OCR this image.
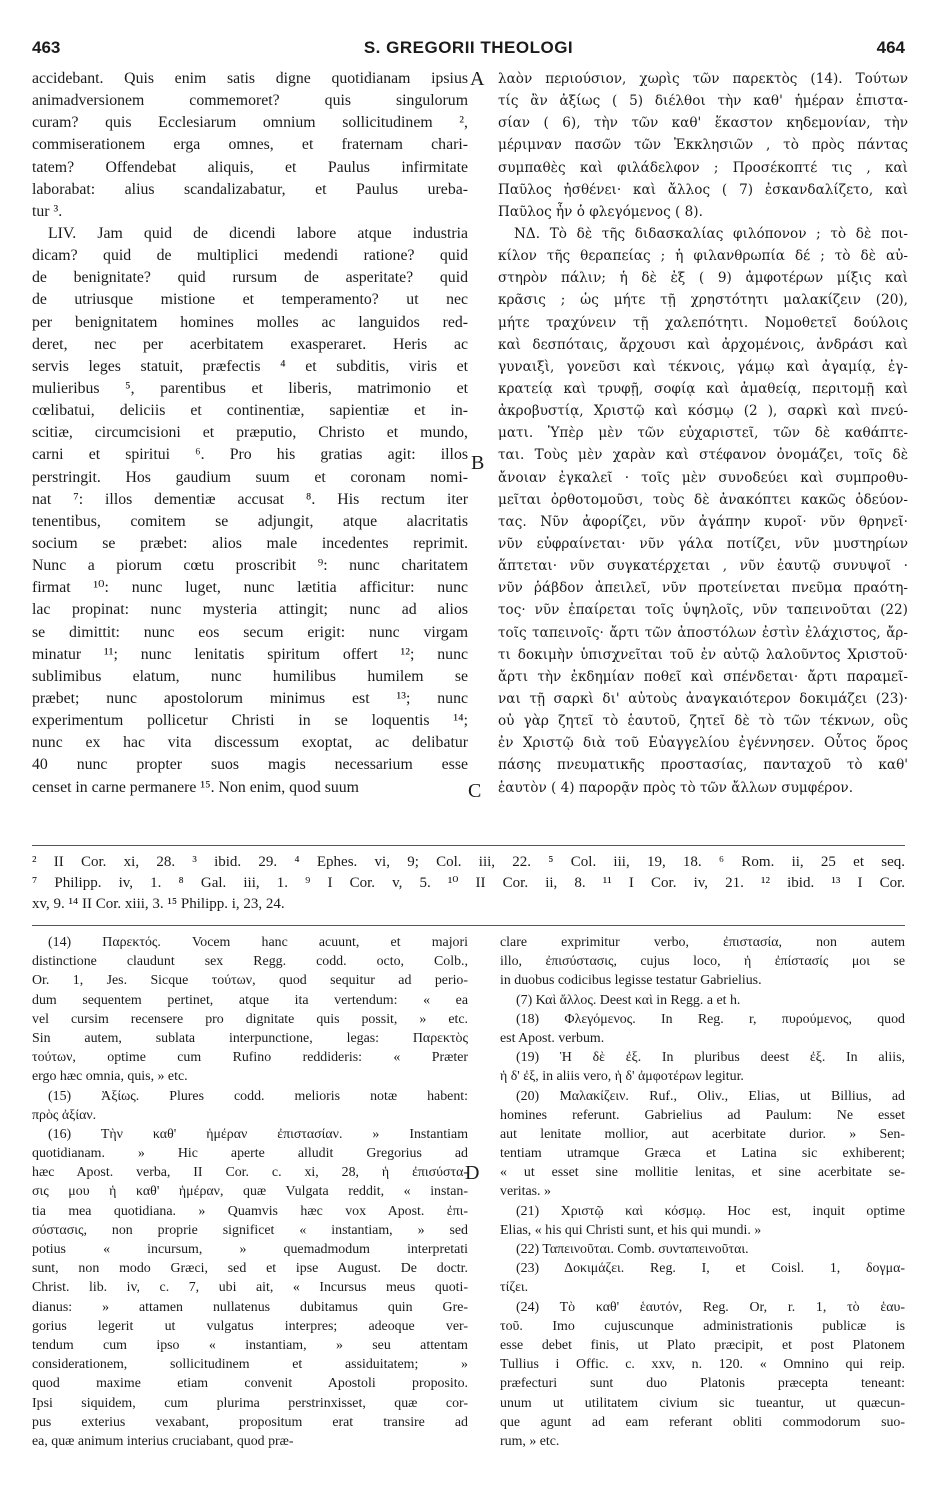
463	S. GREGORII THEOLOGI	464
accidebant. Quis enim satis digne quotidianam ipsius
animadversionem commemoret? quis singulorum
curam? quis Ecclesiarum omnium sollicitudinem ²,
commiserationem erga omnes, et fraternam chari-
tatem? Offendebat aliquis, et Paulus infirmitate
laborabat: alius scandalizabatur, et Paulus ureba-
tur ³.
LIV. Jam quid de dicendi labore atque industria
dicam? quid de multiplici medendi ratione? quid
de benignitate? quid rursum de asperitate? quid
de utriusque mistione et temperamento? ut nec
per benignitatem homines molles ac languidos red-
deret, nec per acerbitatem exasperaret. Heris ac
servis leges statuit, præfectis ⁴ et subditis, viris et
mulieribus ⁵, parentibus et liberis, matrimonio et
cœlibatui, deliciis et continentiæ, sapientiæ et in-
scitiæ, circumcisioni et præputio, Christo et mundo,
carni et spiritui ⁶. Pro his gratias agit: illos
perstringit. Hos gaudium suum et coronam nomi-
nat ⁷: illos dementiæ accusat ⁸. His rectum iter
tenentibus, comitem se adjungit, atque alacritatis
socium se præbet: alios male incedentes reprimit.
Nunc a piorum cœtu proscribit ⁹: nunc charitatem
firmat ¹⁰: nunc luget, nunc lætitia afficitur: nunc
lac propinat: nunc mysteria attingit; nunc ad alios
se dimittit: nunc eos secum erigit: nunc virgam
minatur ¹¹; nunc lenitatis spiritum offert ¹²; nunc
sublimibus elatum, nunc humilibus humilem se
præbet; nunc apostolorum minimus est ¹³; nunc
experimentum pollicetur Christi in se loquentis ¹⁴;
nunc ex hac vita discessum exoptat, ac delibatur
40 nunc propter suos magis necessarium esse
censet in carne permanere ¹⁵. Non enim, quod suum
λαὸν περιούσιον, χωρὶς τῶν παρεκτὸς (14). Τούτων
τίς ἂν ἀξίως ( 5) διέλθοι τὴν καθ' ἡμέραν ἐπιστα-
σίαν ( 6), τὴν τῶν καθ' ἕκαστον κηδεμονίαν, τὴν
μέριμναν πασῶν τῶν Ἐκκλησιῶν , τὸ πρὸς πάντας
συμπαθὲς καὶ φιλάδελφον ; Προσέκοπτέ τις , καὶ
Παῦλος ἠσθένει· καὶ ἄλλος ( 7) ἐσκανδαλίζετο, καὶ
Παῦλος ἦν ὁ φλεγόμενος ( 8).
ΝΔ. Τὸ δὲ τῆς διδασκαλίας φιλόπονον ; τὸ δὲ ποι-
κίλον τῆς θεραπείας ; ἡ φιλανθρωπία δέ ; τὸ δὲ αὐ-
στηρὸν πάλιν; ἡ δὲ ἐξ ( 9) ἀμφοτέρων μίξις καὶ
κρᾶσις ; ὡς μήτε τῇ χρηστότητι μαλακίζειν (20),
μήτε τραχύνειν τῇ χαλεπότητι. Νομοθετεῖ δούλοις
καὶ δεσπόταις, ἄρχουσι καὶ ἀρχομένοις, ἀνδράσι καὶ
γυναιξὶ, γονεῦσι καὶ τέκνοις, γάμῳ καὶ ἀγαμίᾳ, ἐγ-
κρατείᾳ καὶ τρυφῇ, σοφίᾳ καὶ ἀμαθείᾳ, περιτομῇ καὶ
ἀκροβυστίᾳ, Χριστῷ καὶ κόσμῳ (2 ), σαρκὶ καὶ πνεύ-
ματι. Ὑπὲρ μὲν τῶν εὐχαριστεῖ, τῶν δὲ καθάπτε-
ται. Τοὺς μὲν χαρὰν καὶ στέφανον ὀνομάζει, τοῖς δὲ
ἄνοιαν ἐγκαλεῖ · τοῖς μὲν συνοδεύει καὶ συμπροθυ-
μεῖται ὀρθοτομοῦσι, τοὺς δὲ ἀνακόπτει κακῶς ὁδεύον-
τας. Νῦν ἀφορίζει, νῦν ἀγάπην κυροῖ· νῦν θρηνεῖ·
νῦν εὐφραίνεται· νῦν γάλα ποτίζει, νῦν μυστηρίων
ἅπτεται· νῦν συγκατέρχεται , νῦν ἑαυτῷ συνυψοῖ ·
νῦν ῥάβδον ἀπειλεῖ, νῦν προτείνεται πνεῦμα πραότη-
τος· νῦν ἐπαίρεται τοῖς ὑψηλοῖς, νῦν ταπεινοῦται (22)
τοῖς ταπεινοῖς· ἄρτι τῶν ἀποστόλων ἐστὶν ἐλάχιστος, ἄρ-
τι δοκιμὴν ὑπισχνεῖται τοῦ ἐν αὐτῷ λαλοῦντος Χριστοῦ·
ἄρτι τὴν ἐκδημίαν ποθεῖ καὶ σπένδεται· ἄρτι παραμεῖ-
ναι τῇ σαρκὶ δι' αὐτοὺς ἀναγκαιότερον δοκιμάζει (23)·
οὐ γὰρ ζητεῖ τὸ ἑαυτοῦ, ζητεῖ δὲ τὸ τῶν τέκνων, οὓς
ἐν Χριστῷ διὰ τοῦ Εὐαγγελίου ἐγέννησεν. Οὗτος ὅρος
πάσης πνευματικῆς προστασίας, πανταχοῦ τὸ καθ'
ἑαυτὸν ( 4) παρορᾷν πρὸς τὸ τῶν ἄλλων συμφέρον.
A
B
C
D
² II Cor. xi, 28. ³ ibid. 29. ⁴ Ephes. vi, 9; Col. iii, 22. ⁵ Col. iii, 19, 18. ⁶ Rom. ii, 25 et seq.
⁷ Philipp. iv, 1. ⁸ Gal. iii, 1. ⁹ I Cor. v, 5. ¹⁰ II Cor. ii, 8. ¹¹ I Cor. iv, 21. ¹² ibid. ¹³ I Cor.
xv, 9. ¹⁴ II Cor. xiii, 3. ¹⁵ Philipp. i, 23, 24.
(14) Παρεκτός. Vocem hanc acuunt, et majori
distinctione claudunt sex Regg. codd. octo, Colb.,
Or. 1, Jes. Sicque τούτων, quod sequitur ad perio-
dum sequentem pertinet, atque ita vertendum: « ea
vel cursim recensere pro dignitate quis possit, » etc.
Sin autem, sublata interpunctione, legas: Παρεκτὸς
τούτων, optime cum Rufino reddideris: « Præter
ergo hæc omnia, quis, » etc.
(15) Ἀξίως. Plures codd. melioris notæ habent:
πρὸς ἀξίαν.
(16) Τὴν καθ' ἡμέραν ἐπιστασίαν. » Instantiam
quotidianam. » Hic aperte alludit Gregorius ad
hæc Apost. verba, II Cor. c. xi, 28, ἡ ἐπισύστα-
σις μου ἡ καθ' ἡμέραν, quæ Vulgata reddit, « instan-
tia mea quotidiana. » Quamvis hæc vox Apost. ἐπι-
σύστασις, non proprie significet « instantiam, » sed
potius « incursum, » quemadmodum interpretati
sunt, non modo Græci, sed et ipse August. De doctr.
Christ. lib. iv, c. 7, ubi ait, « Incursus meus quoti-
dianus: » attamen nullatenus dubitamus quin Gre-
gorius legerit ut vulgatus interpres; adeoque ver-
tendum cum ipso « instantiam, » seu attentam
considerationem, sollicitudinem et assiduitatem; »
quod maxime etiam convenit Apostoli proposito.
Ipsi siquidem, cum plurima perstrinxisset, quæ cor-
pus exterius vexabant, propositum erat transire ad
ea, quæ animum interius cruciabant, quod præ-
clare exprimitur verbo, ἐπιστασία, non autem
illo, ἐπισύστασις, cujus loco, ἡ ἐπίστασίς μοι se
in duobus codicibus legisse testatur Gabrielius.
(7) Καὶ ἄλλος. Deest καὶ in Regg. a et h.
(18) Φλεγόμενος. In Reg. r, πυρούμενος, quod
est Apost. verbum.
(19) Ἡ δὲ ἐξ. In pluribus deest ἐξ. In aliis,
ἡ δ' ἐξ, in aliis vero, ἡ δ' ἀμφοτέρων legitur.
(20) Μαλακίζειν. Ruf., Oliv., Elias, ut Billius, ad
homines referunt. Gabrielius ad Paulum: Ne esset
aut lenitate mollior, aut acerbitate durior. » Sen-
tentiam utramque Græca et Latina sic exhiberent;
« ut esset sine mollitie lenitas, et sine acerbitate se-
veritas. »
(21) Χριστῷ καὶ κόσμῳ. Hoc est, inquit optime
Elias, « his qui Christi sunt, et his qui mundi. »
(22) Ταπεινοῦται. Comb. συνταπεινοῦται.
(23) Δοκιμάζει. Reg. I, et Coisl. 1, δογμα-
τίζει.
(24) Τὸ καθ' ἑαυτόν, Reg. Or, r. 1, τὸ ἑαυ-
τοῦ. Imo cujuscunque administrationis publicæ is
esse debet finis, ut Plato præcipit, et post Platonem
Tullius i Offic. c. xxv, n. 120. « Omnino qui reip.
præfecturi sunt duo Platonis præcepta teneant:
unum ut utilitatem civium sic tueantur, ut quæcun-
que agunt ad eam referant obliti commodorum suo-
rum, » etc.
